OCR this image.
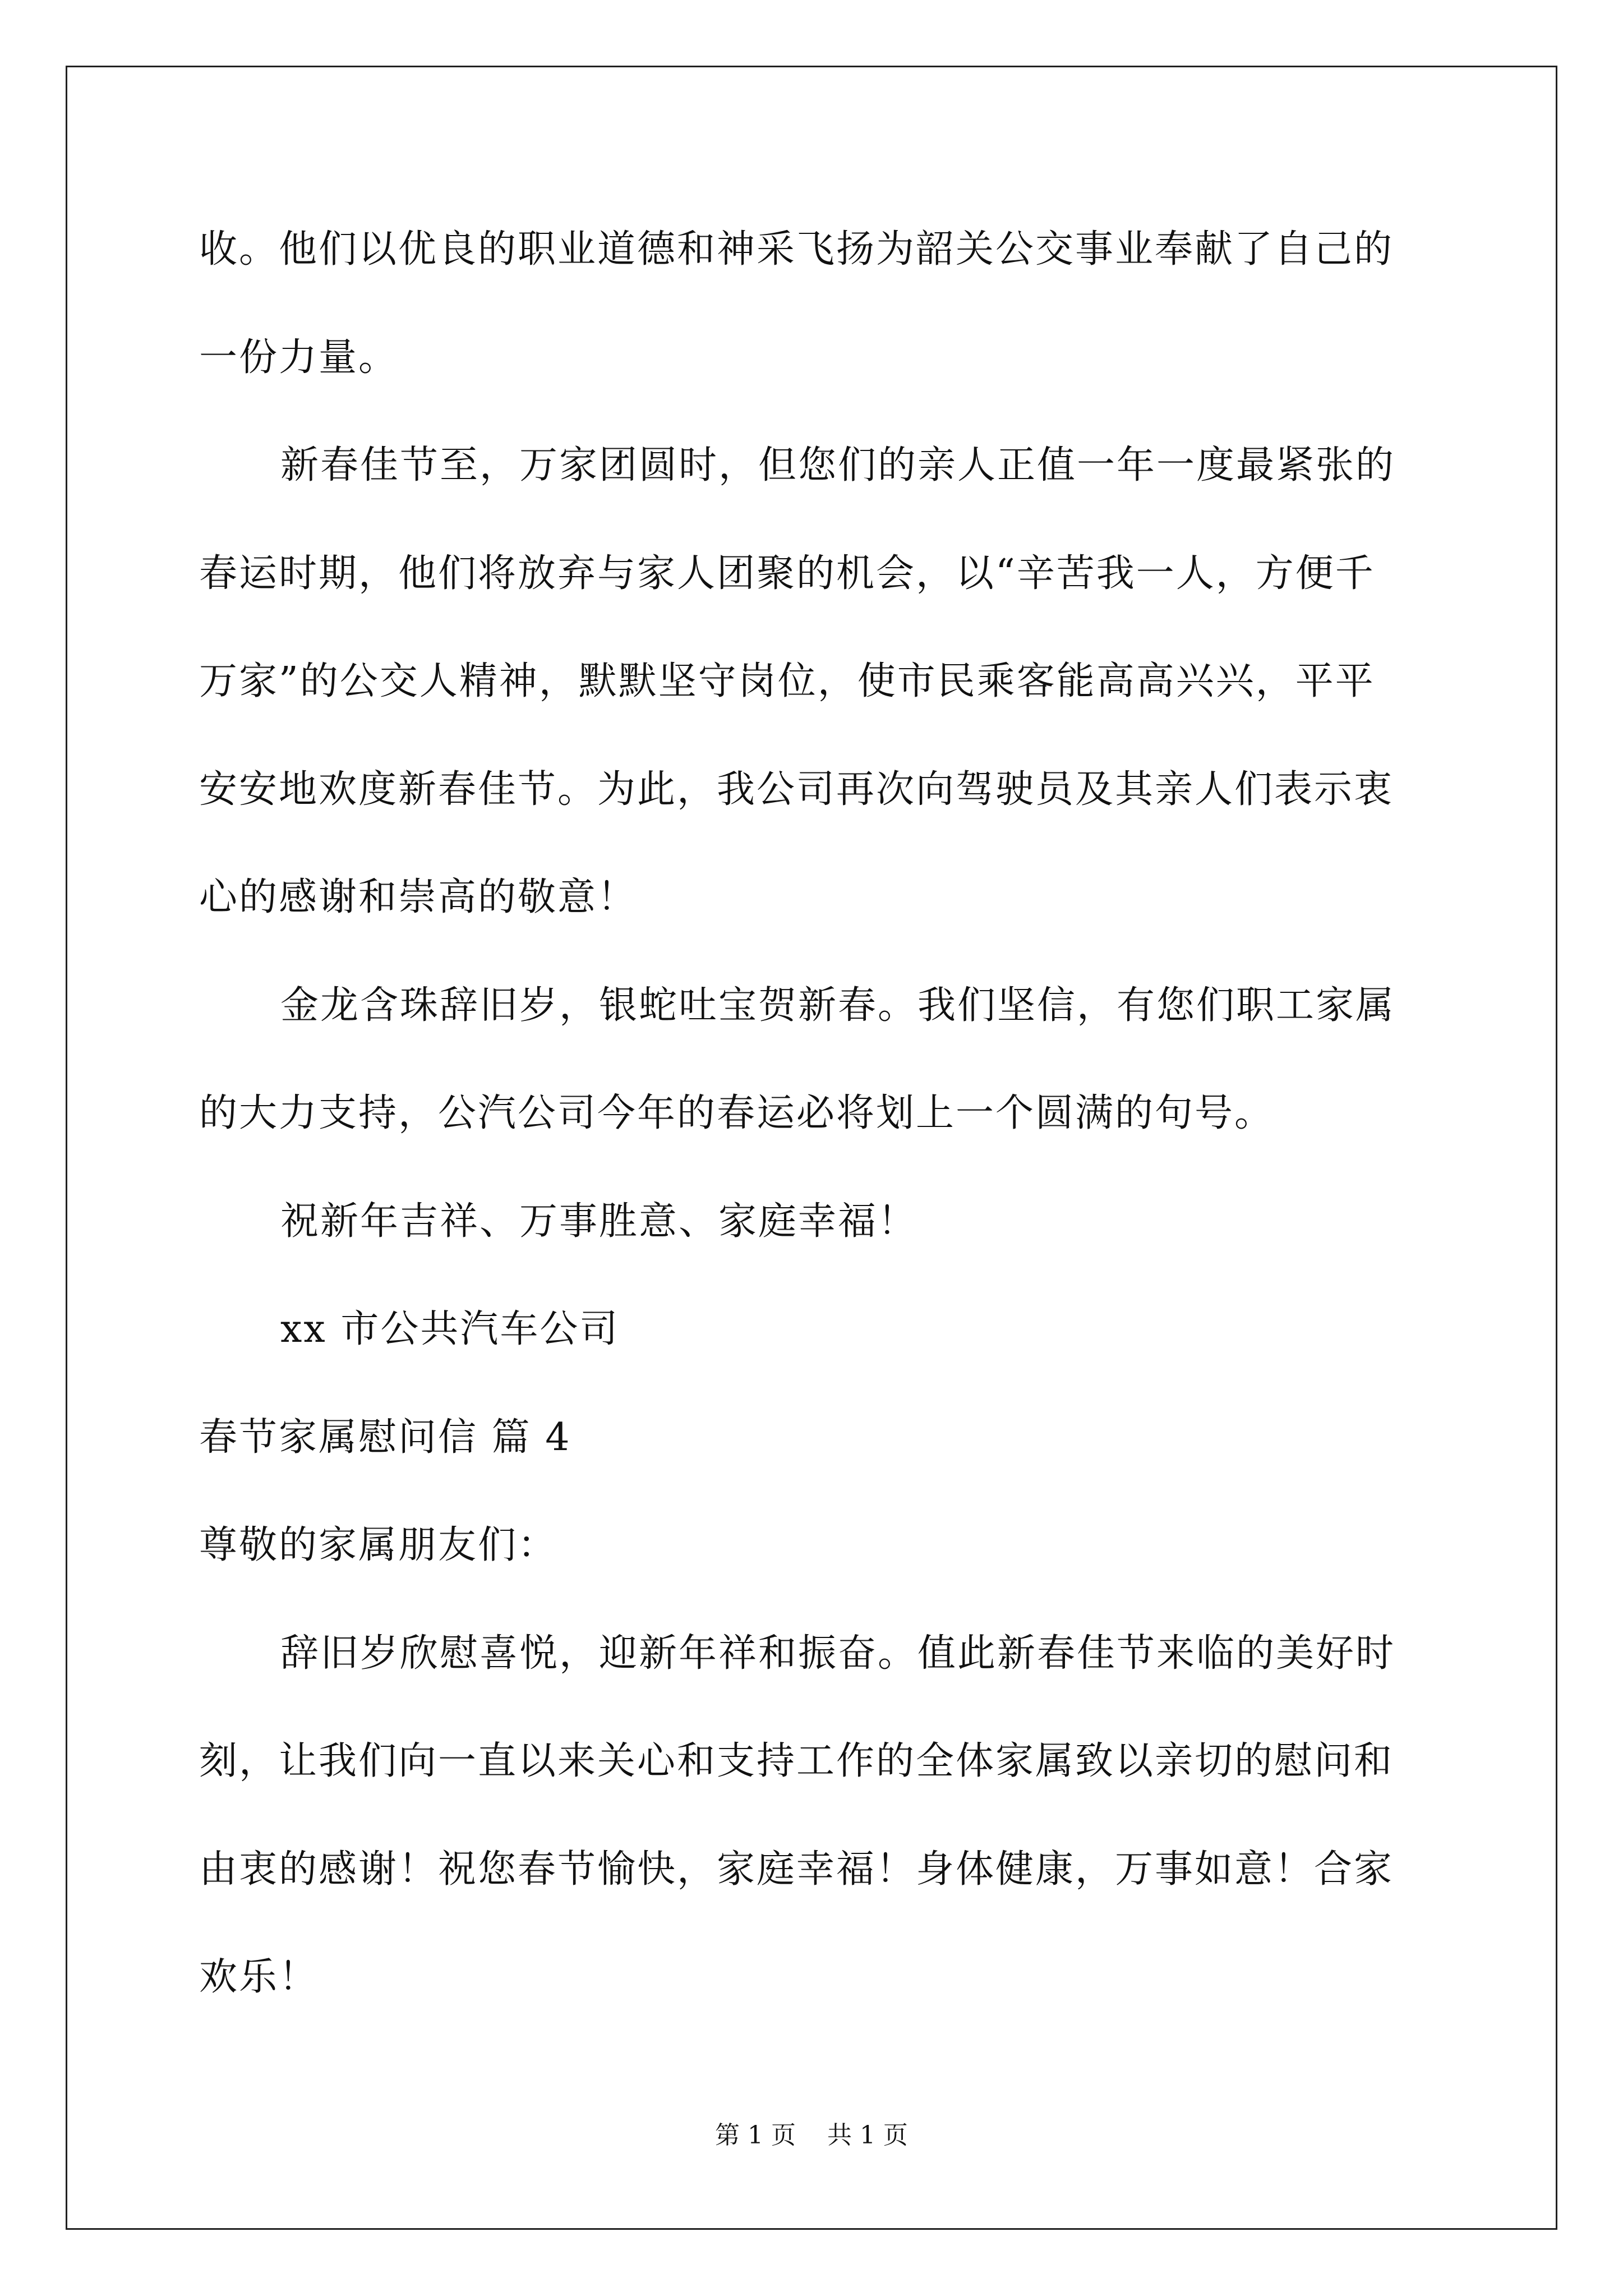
收。他们以优良的职业道德和神采飞扬为韶关公交事业奉献了自己的
一份力量。
新春佳节至，万家团圆时，但您们的亲人正值一年一度最紧张的
春运时期，他们将放弃与家人团聚的机会，以“辛苦我一人，方便千
万家”的公交人精神，默默坚守岗位，使市民乘客能高高兴兴，平平
安安地欢度新春佳节。为此，我公司再次向驾驶员及其亲人们表示衷
心的感谢和崇高的敬意！
金龙含珠辞旧岁，银蛇吐宝贺新春。我们坚信，有您们职工家属
的大力支持，公汽公司今年的春运必将划上一个圆满的句号。
祝新年吉祥、万事胜意、家庭幸福！
xx 市公共汽车公司
春节家属慰问信 篇 4
尊敬的家属朋友们：
辞旧岁欣慰喜悦，迎新年祥和振奋。值此新春佳节来临的美好时
刻，让我们向一直以来关心和支持工作的全体家属致以亲切的慰问和
由衷的感谢！祝您春节愉快，家庭幸福！身体健康，万事如意！合家
欢乐！
第 1 页    共 1 页
